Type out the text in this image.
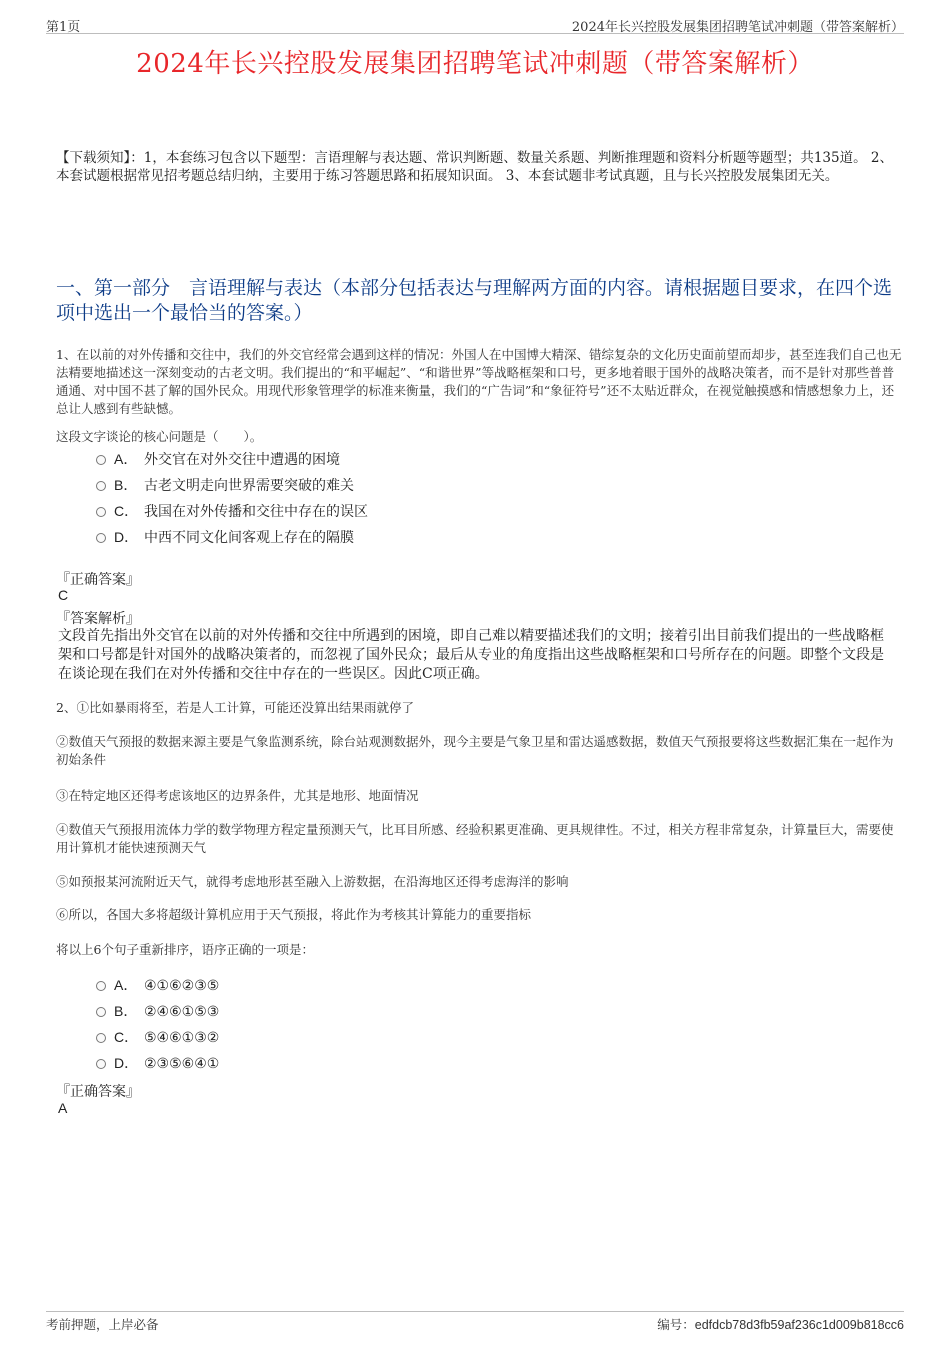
第1页	2024年长兴控股发展集团招聘笔试冲刺题（带答案解析）
2024年长兴控股发展集团招聘笔试冲刺题（带答案解析）
【下载须知】：1，本套练习包含以下题型：言语理解与表达题、常识判断题、数量关系题、判断推理题和资料分析题等题型；共135道。 2、本套试题根据常见招考题总结归纳，主要用于练习答题思路和拓展知识面。 3、本套试题非考试真题，且与长兴控股发展集团无关。
一、第一部分　言语理解与表达（本部分包括表达与理解两方面的内容。请根据题目要求，在四个选项中选出一个最恰当的答案。）
1、在以前的对外传播和交往中，我们的外交官经常会遇到这样的情况：外国人在中国博大精深、错综复杂的文化历史面前望而却步，甚至连我们自己也无法精要地描述这一深刻变动的古老文明。我们提出的“和平崛起”、“和谐世界”等战略框架和口号，更多地着眼于国外的战略决策者，而不是针对那些普普通通、对中国不甚了解的国外民众。用现代形象管理学的标准来衡量，我们的“广告词”和“象征符号”还不太贴近群众，在视觉触摸感和情感想象力上，还总让人感到有些缺憾。
这段文字谈论的核心问题是（　　）。
A． 外交官在对外交往中遭遇的困境
B． 古老文明走向世界需要突破的难关
C． 我国在对外传播和交往中存在的误区
D． 中西不同文化间客观上存在的隔膜
『正确答案』
C
『答案解析』
文段首先指出外交官在以前的对外传播和交往中所遇到的困境，即自己难以精要描述我们的文明；接着引出目前我们提出的一些战略框架和口号都是针对国外的战略决策者的，而忽视了国外民众；最后从专业的角度指出这些战略框架和口号所存在的问题。即整个文段是在谈论现在我们在对外传播和交往中存在的一些误区。因此C项正确。
2、①比如暴雨将至，若是人工计算，可能还没算出结果雨就停了
②数值天气预报的数据来源主要是气象监测系统，除台站观测数据外，现今主要是气象卫星和雷达遥感数据，数值天气预报要将这些数据汇集在一起作为初始条件
③在特定地区还得考虑该地区的边界条件，尤其是地形、地面情况
④数值天气预报用流体力学的数学物理方程定量预测天气，比耳目所感、经验积累更准确、更具规律性。不过，相关方程非常复杂，计算量巨大，需要使用计算机才能快速预测天气
⑤如预报某河流附近天气，就得考虑地形甚至融入上游数据，在沿海地区还得考虑海洋的影响
⑥所以，各国大多将超级计算机应用于天气预报，将此作为考核其计算能力的重要指标
将以上6个句子重新排序，语序正确的一项是：
A． ④①⑥②③⑤
B． ②④⑥①⑤③
C． ⑤④⑥①③②
D． ②③⑤⑥④①
『正确答案』
A
考前押题，上岸必备	编号：edfdcb78d3fb59af236c1d009b818cc6
